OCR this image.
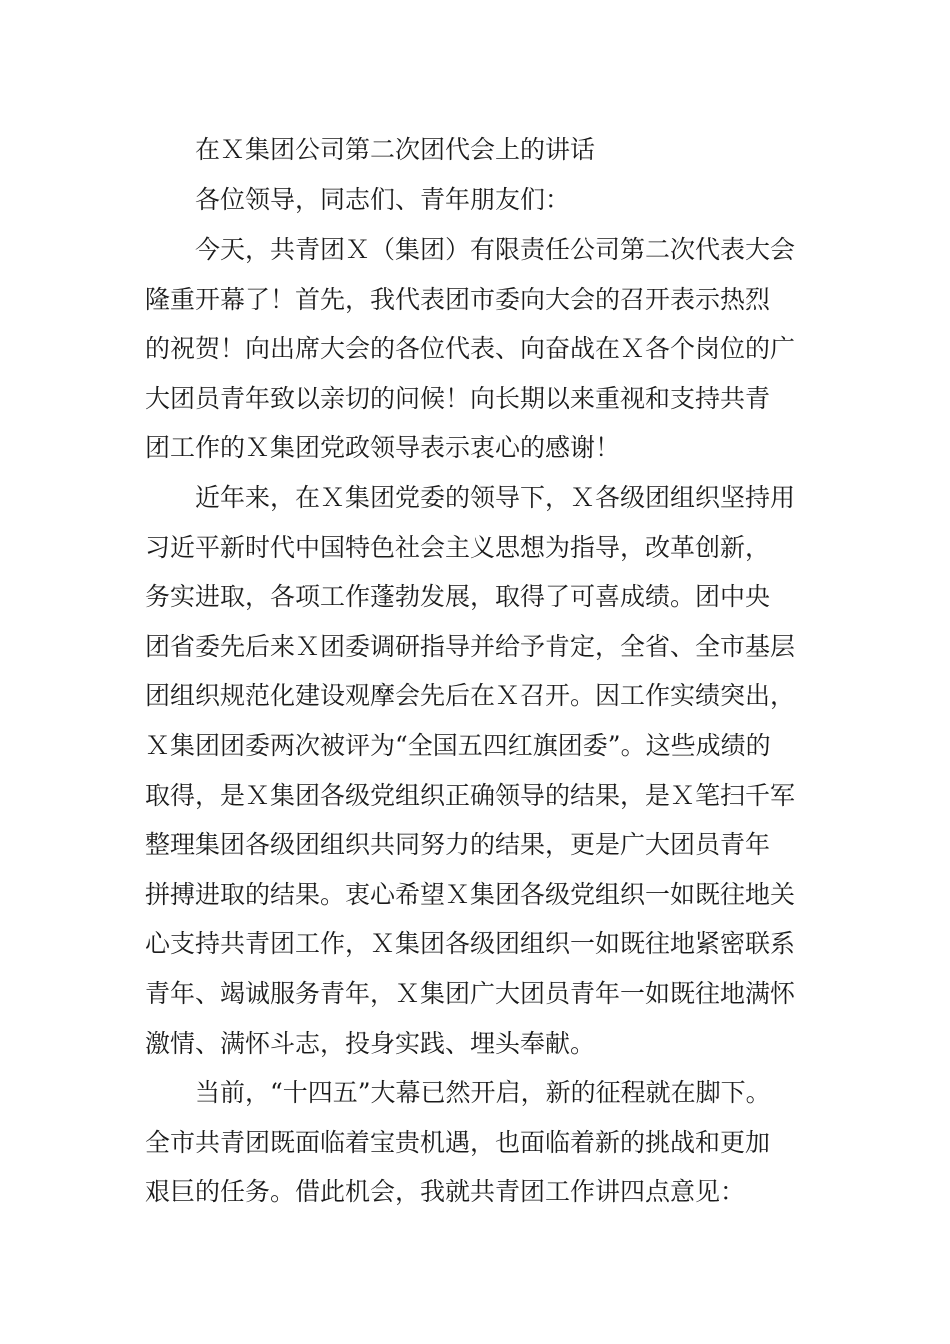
在Ｘ集团公司第二次团代会上的讲话
各位领导，同志们、青年朋友们：
今天，共青团Ｘ（集团）有限责任公司第二次代表大会
隆重开幕了！首先，我代表团市委向大会的召开表示热烈
的祝贺！向出席大会的各位代表、向奋战在Ｘ各个岗位的广
大团员青年致以亲切的问候！向长期以来重视和支持共青
团工作的Ｘ集团党政领导表示衷心的感谢！
近年来，在Ｘ集团党委的领导下，Ｘ各级团组织坚持用
习近平新时代中国特色社会主义思想为指导，改革创新，
务实进取，各项工作蓬勃发展，取得了可喜成绩。团中央
团省委先后来Ｘ团委调研指导并给予肯定，全省、全市基层
团组织规范化建设观摩会先后在Ｘ召开。因工作实绩突出，
Ｘ集团团委两次被评为“全国五四红旗团委”。这些成绩的
取得，是Ｘ集团各级党组织正确领导的结果，是Ｘ笔扫千军
整理集团各级团组织共同努力的结果，更是广大团员青年
拼搏进取的结果。衷心希望Ｘ集团各级党组织一如既往地关
心支持共青团工作，Ｘ集团各级团组织一如既往地紧密联系
青年、竭诚服务青年，Ｘ集团广大团员青年一如既往地满怀
激情、满怀斗志，投身实践、埋头奉献。
当前，“十四五”大幕已然开启，新的征程就在脚下。
全市共青团既面临着宝贵机遇，也面临着新的挑战和更加
艰巨的任务。借此机会，我就共青团工作讲四点意见：
